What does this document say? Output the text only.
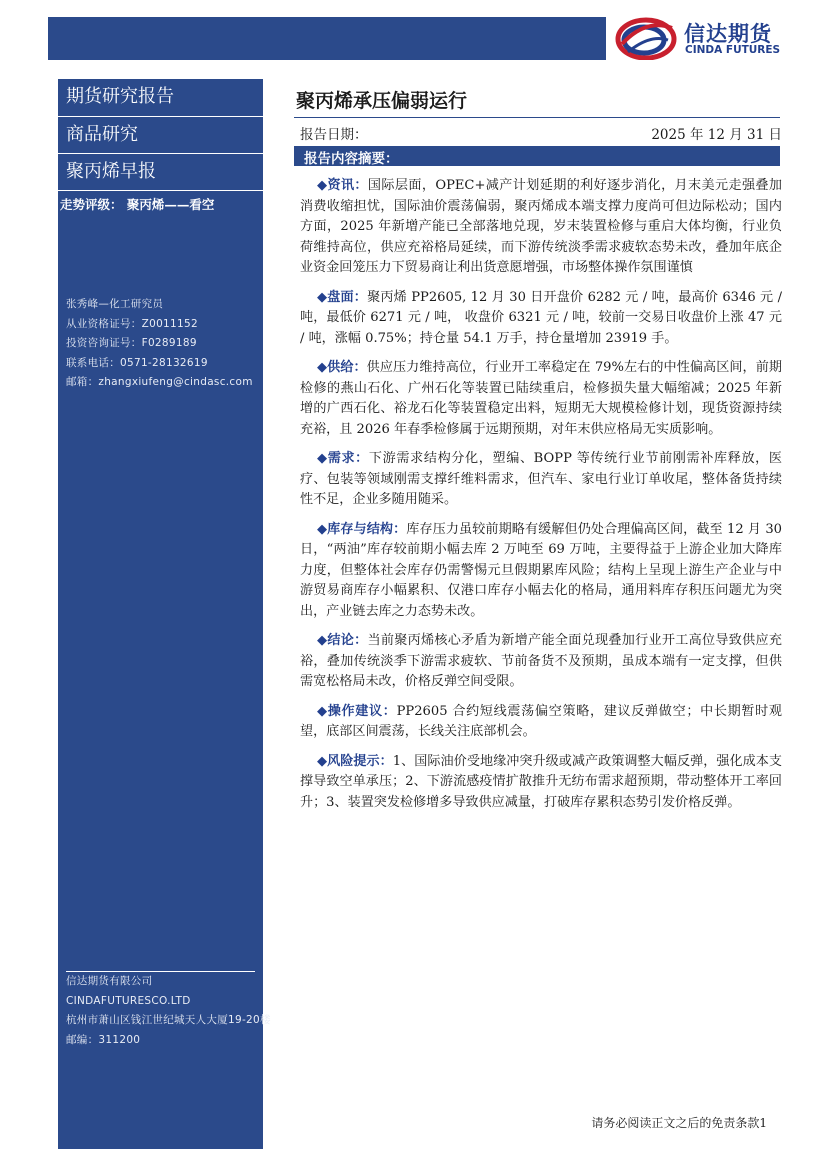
信达期货
CINDA FUTURES
期货研究报告
商品研究
聚丙烯早报
走势评级： 聚丙烯——看空
张秀峰—化工研究员
从业资格证号：Z0011152
投资咨询证号：F0289189
联系电话：0571-28132619
邮箱：zhangxiufeng@cindasc.com
信达期货有限公司
CINDAFUTURESCO.LTD
杭州市萧山区钱江世纪城天人大厦19-20楼
邮编：311200
聚丙烯承压偏弱运行
报告日期：	2025 年 12 月 31 日
报告内容摘要：

◆资讯：国际层面，OPEC+减产计划延期的利好逐步消化，月末美元走强叠加消费收缩担忧，国际油价震荡偏弱，聚丙烯成本端支撑力度尚可但边际松动；国内方面，2025 年新增产能已全部落地兑现，岁末装置检修与重启大体均衡，行业负荷维持高位，供应充裕格局延续，而下游传统淡季需求疲软态势未改，叠加年底企业资金回笼压力下贸易商让利出货意愿增强，市场整体操作氛围谨慎

◆盘面：聚丙烯 PP2605, 12 月 30 日开盘价 6282 元 / 吨，最高价 6346 元 / 吨，最低价 6271 元 / 吨， 收盘价 6321 元 / 吨，较前一交易日收盘价上涨 47 元 / 吨，涨幅 0.75%；持仓量 54.1 万手，持仓量增加 23919 手。

◆供给：供应压力维持高位，行业开工率稳定在 79%左右的中性偏高区间，前期检修的燕山石化、广州石化等装置已陆续重启，检修损失量大幅缩减；2025 年新增的广西石化、裕龙石化等装置稳定出料，短期无大规模检修计划，现货资源持续充裕，且 2026 年春季检修属于远期预期，对年末供应格局无实质影响。

◆需求：下游需求结构分化，塑编、BOPP 等传统行业节前刚需补库释放，医疗、包装等领域刚需支撑纤维料需求，但汽车、家电行业订单收尾，整体备货持续性不足，企业多随用随采。

◆库存与结构：库存压力虽较前期略有缓解但仍处合理偏高区间，截至 12 月 30 日，“两油”库存较前期小幅去库 2 万吨至 69 万吨，主要得益于上游企业加大降库力度，但整体社会库存仍需警惕元旦假期累库风险；结构上呈现上游生产企业与中游贸易商库存小幅累积、仅港口库存小幅去化的格局，通用料库存积压问题尤为突出，产业链去库之力态势未改。

◆结论：当前聚丙烯核心矛盾为新增产能全面兑现叠加行业开工高位导致供应充裕，叠加传统淡季下游需求疲软、节前备货不及预期，虽成本端有一定支撑，但供需宽松格局未改，价格反弹空间受限。

◆操作建议：PP2605 合约短线震荡偏空策略，建议反弹做空；中长期暂时观望，底部区间震荡，长线关注底部机会。

◆风险提示：1、国际油价受地缘冲突升级或减产政策调整大幅反弹，强化成本支撑导致空单承压；2、下游流感疫情扩散推升无纺布需求超预期，带动整体开工率回升；3、装置突发检修增多导致供应减量，打破库存累积态势引发价格反弹。

请务必阅读正文之后的免责条款1
